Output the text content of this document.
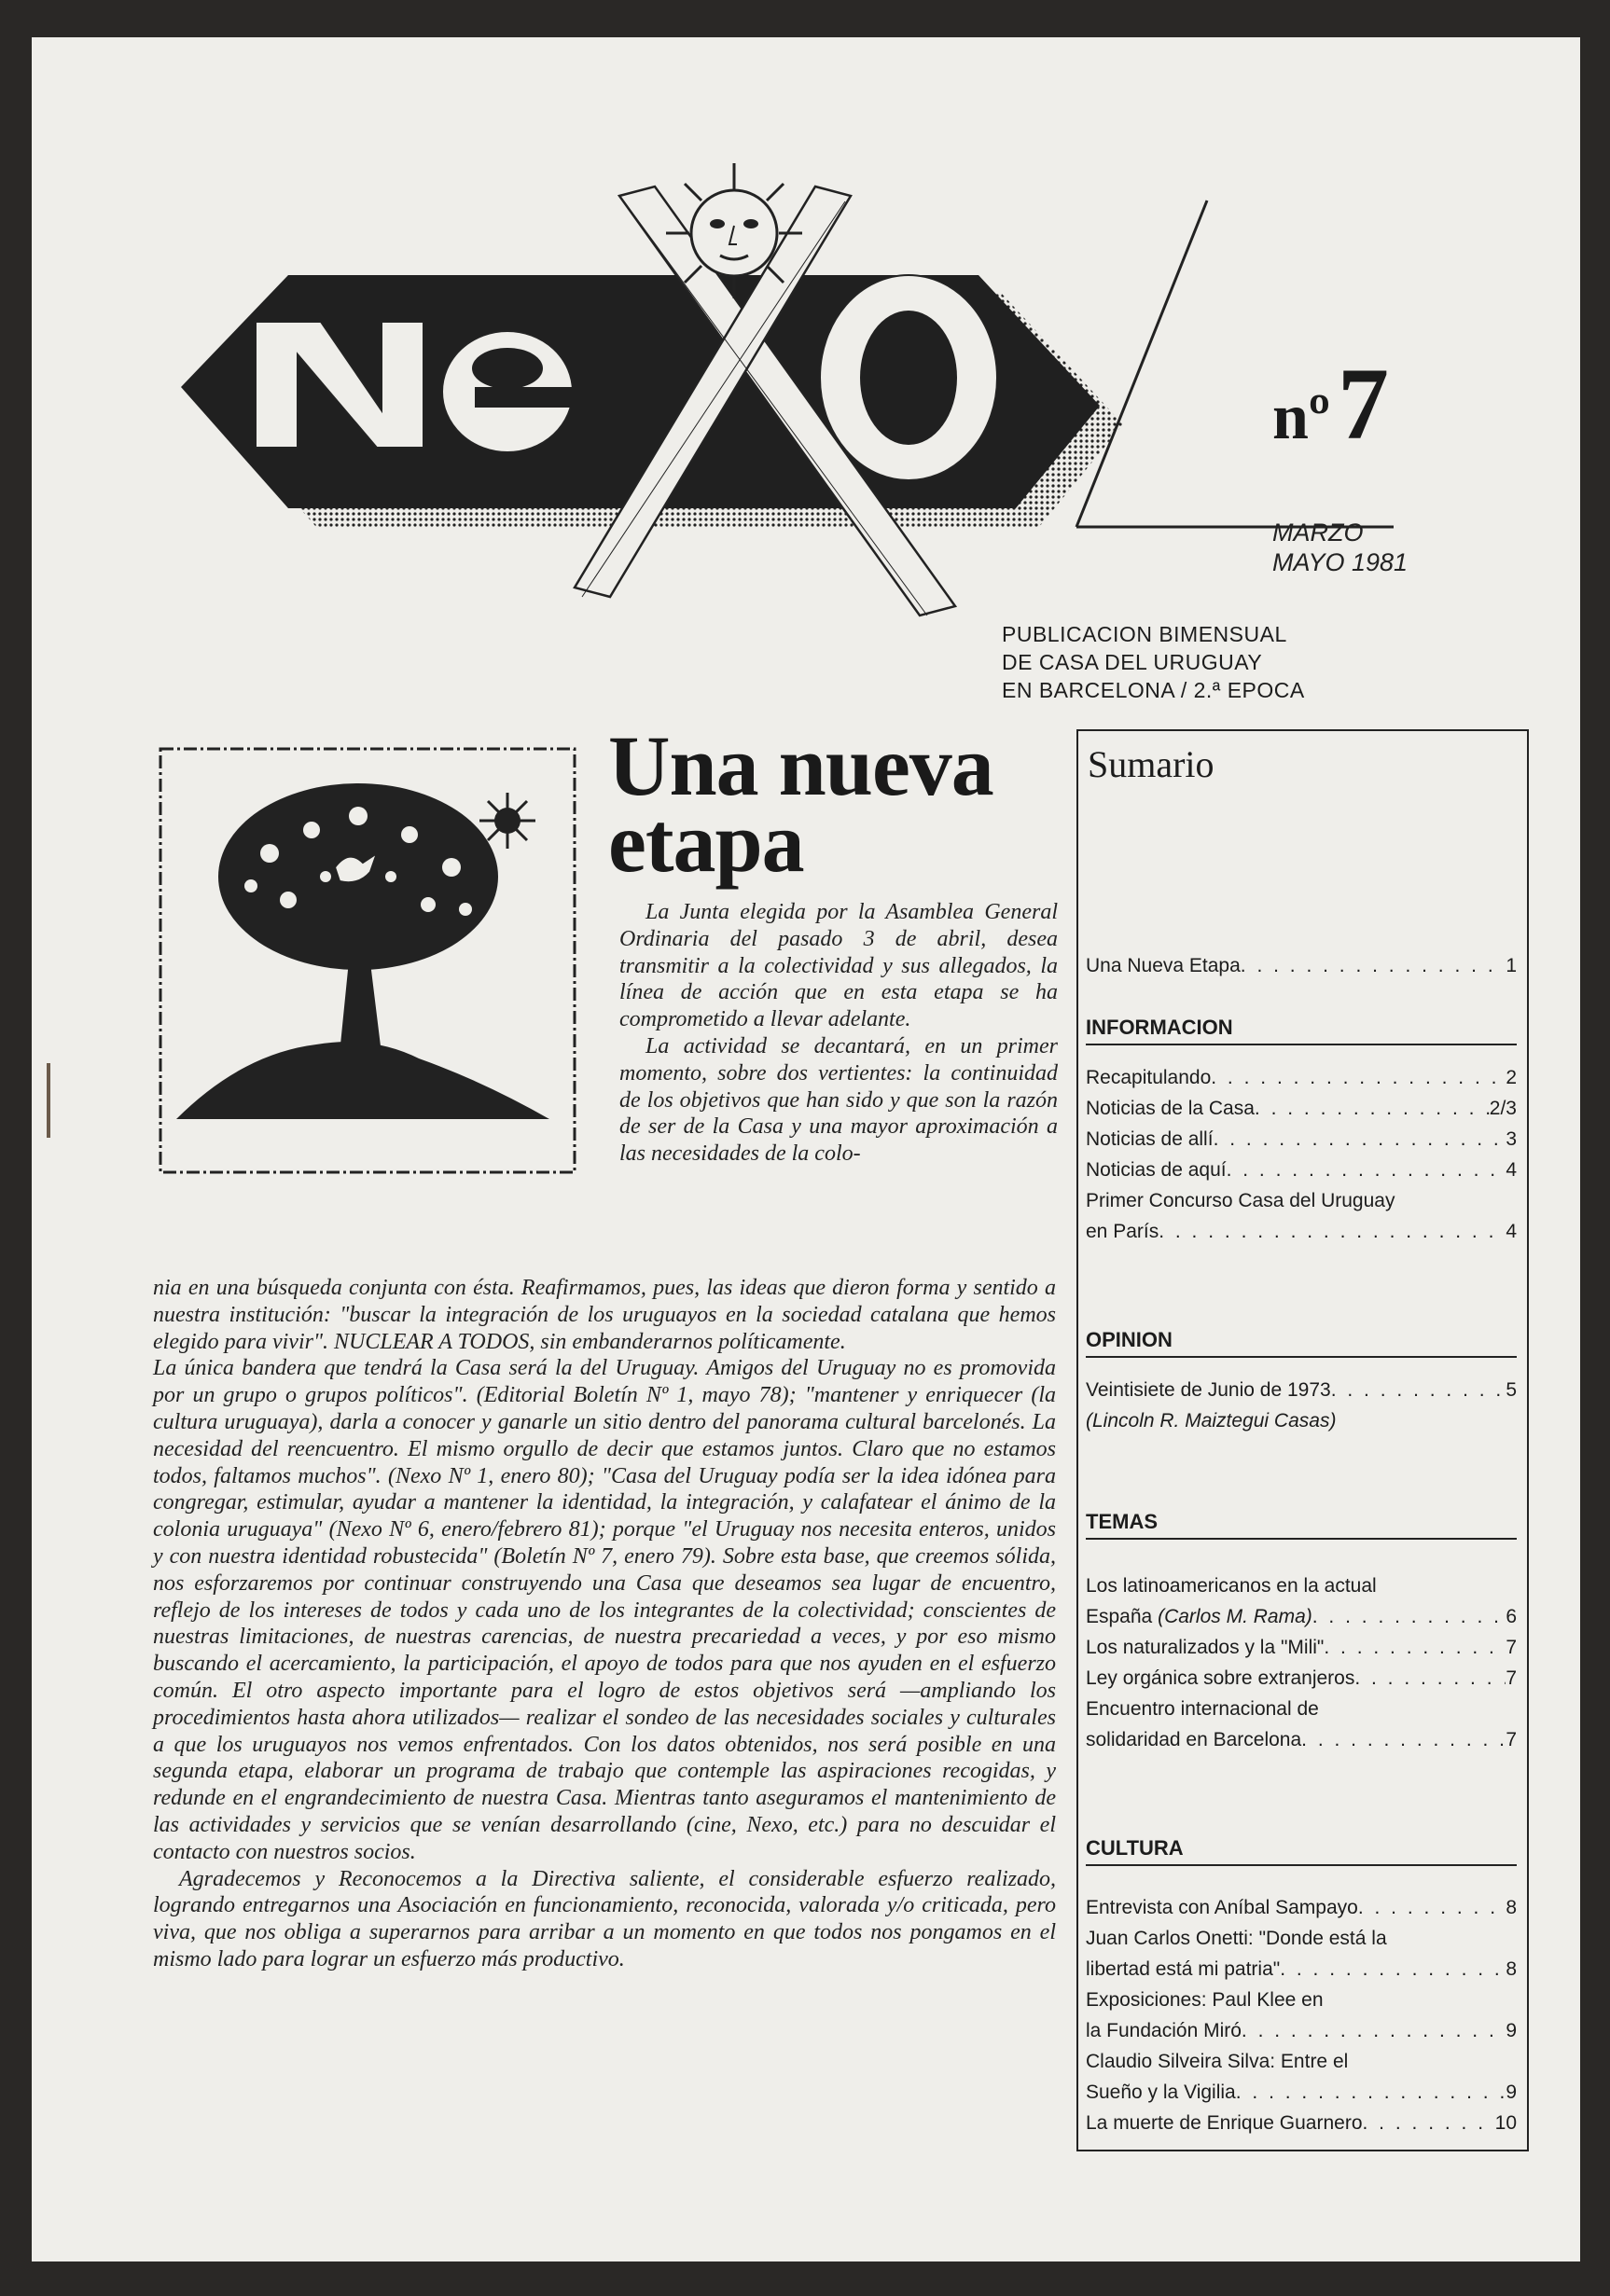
nº7
MARZO
MAYO 1981
PUBLICACION BIMENSUAL
DE CASA DEL URUGUAY
EN BARCELONA / 2.ª EPOCA
Una nueva
etapa

La Junta elegida por la Asamblea General Ordinaria del pasado 3 de abril, desea transmitir a la colectividad y sus allegados, la línea de acción que en esta etapa se ha comprometido a llevar adelante.

La actividad se decantará, en un primer momento, sobre dos vertientes: la continuidad de los objetivos que han sido y que son la razón de ser de la Casa y una mayor aproximación a las necesidades de la colo-

nia en una búsqueda conjunta con ésta. Reafirmamos, pues, las ideas que dieron forma y sentido a nuestra institución: "buscar la integración de los uruguayos en la sociedad catalana que hemos elegido para vivir". NUCLEAR A TODOS, sin embanderarnos políticamente.

La única bandera que tendrá la Casa será la del Uruguay. Amigos del Uruguay no es promovida por un grupo o grupos políticos". (Editorial Boletín Nº 1, mayo 78); "mantener y enriquecer (la cultura uruguaya), darla a conocer y ganarle un sitio dentro del panorama cultural barcelonés. La necesidad del reencuentro. El mismo orgullo de decir que estamos juntos. Claro que no estamos todos, faltamos muchos". (Nexo Nº 1, enero 80); "Casa del Uruguay podía ser la idea idónea para congregar, estimular, ayudar a mantener la identidad, la integración, y calafatear el ánimo de la colonia uruguaya" (Nexo Nº 6, enero/febrero 81); porque "el Uruguay nos necesita enteros, unidos y con nuestra identidad robustecida" (Boletín Nº 7, enero 79). Sobre esta base, que creemos sólida, nos esforzaremos por continuar construyendo una Casa que deseamos sea lugar de encuentro, reflejo de los intereses de todos y cada uno de los integrantes de la colectividad; conscientes de nuestras limitaciones, de nuestras carencias, de nuestra precariedad a veces, y por eso mismo buscando el acercamiento, la participación, el apoyo de todos para que nos ayuden en el esfuerzo común. El otro aspecto importante para el logro de estos objetivos será —ampliando los procedimientos hasta ahora utilizados— realizar el sondeo de las necesidades sociales y culturales a que los uruguayos nos vemos enfrentados. Con los datos obtenidos, nos será posible en una segunda etapa, elaborar un programa de trabajo que contemple las aspiraciones recogidas, y redunde en el engrandecimiento de nuestra Casa. Mientras tanto aseguramos el mantenimiento de las actividades y servicios que se venían desarrollando (cine, Nexo, etc.) para no descuidar el contacto con nuestros socios.

Agradecemos y Reconocemos a la Directiva saliente, el considerable esfuerzo realizado, logrando entregarnos una Asociación en funcionamiento, reconocida, valorada y/o criticada, pero viva, que nos obliga a superarnos para arribar a un momento en que todos nos pongamos en el mismo lado para lograr un esfuerzo más productivo.

Sumario
Una Nueva Etapa . . .	1
INFORMACION
Recapitulando . . .	2
Noticias de la Casa . . .	2/3
Noticias de allí . . .	3
Noticias de aquí . . .	4
Primer Concurso Casa del Uruguay
en París . . .	4
OPINION
Veintisiete de Junio de 1973 . . .	5
(Lincoln R. Maiztegui Casas)
TEMAS
Los latinoamericanos en la actual
España
(Carlos M. Rama) . . .	6
Los naturalizados y la "Mili" . . .	7
Ley orgánica sobre extranjeros . . .	7
Encuentro internacional de
solidaridad en Barcelona . . .	7
CULTURA
Entrevista con Aníbal Sampayo . . .	8
Juan Carlos Onetti: "Donde está la
libertad está mi patria" . . .	8
Exposiciones: Paul Klee en
la Fundación Miró . . .	9
Claudio Silveira Silva: Entre el
Sueño y la Vigilia . . .	9
La muerte de Enrique Guarnero . . .	10
